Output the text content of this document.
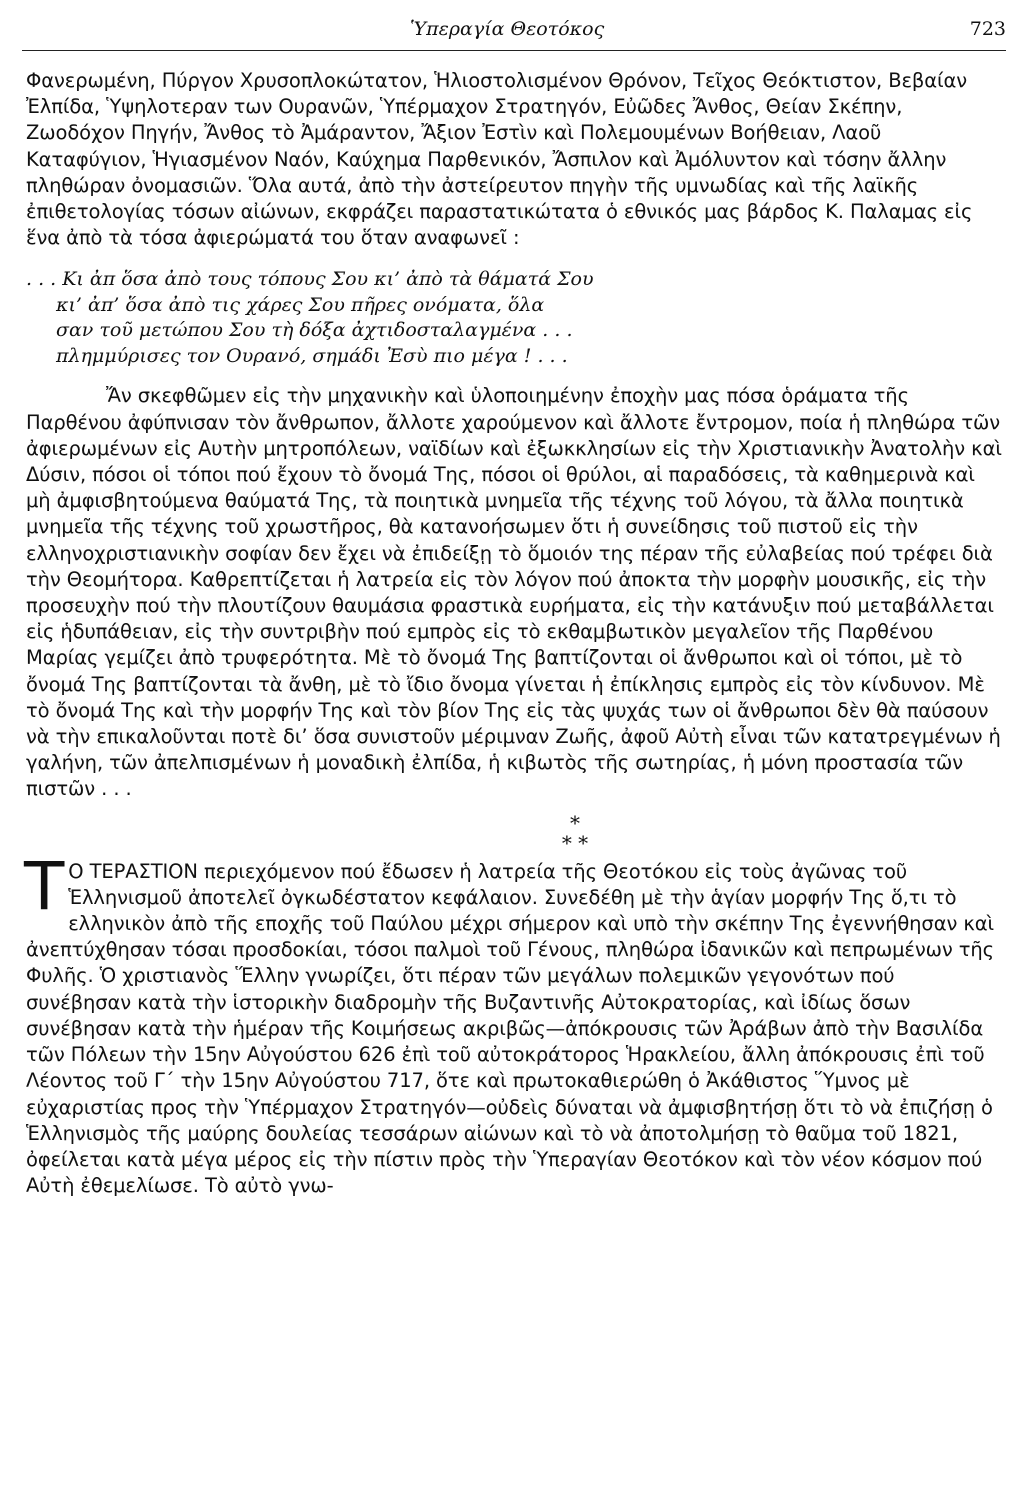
Ὑπεραγία Θεοτόκος	723

Φανερωμένη, Πύργον Χρυσοπλοκώτατον, Ἡλιοστολισμένον Θρόνον, Τεῖχος Θεόκτιστον, Βεβαίαν Ἐλπίδα, Ὑψηλοτεραν των Ουρανῶν, Ὑπέρμαχον Στρατηγόν, Εὐῶδες Ἄνθος, Θείαν Σκέπην, Ζωοδόχον Πηγήν, Ἄνθος τὸ Ἀμάραντον, Ἄξιον Ἐστὶν καὶ Πολεμουμένων Βοήθειαν, Λαοῦ Καταφύγιον, Ἡγιασμένον Ναόν, Καύχημα Παρθενικόν, Ἄσπιλον καὶ Ἀμόλυντον καὶ τόσην ἄλλην πληθώραν ὀνομασιῶν. Ὅλα αυτά, ἀπὸ τὴν ἀστείρευτον πηγὴν τῆς υμνωδίας καὶ τῆς λαϊκῆς ἐπιθετολογίας τόσων αἰώνων, εκφράζει παραστατικώτατα ὁ εθνικός μας βάρδος Κ. Παλαμας εἰς ἕνα ἀπὸ τὰ τόσα ἀφιερώματά του ὅταν αναφωνεῖ :

. . . Κι ἀπ ὅσα ἀπὸ τους τόπους Σου κι’ ἀπὸ τὰ θάματά Σου
κι’ ἀπ’ ὅσα ἀπὸ τις χάρες Σου πῆρες ονόματα, ὅλα
σαν τοῦ μετώπου Σου τὴ δόξα ἀχτιδοσταλαγμένα . . .
πλημμύρισες τον Ουρανό, σημάδι Ἐσὺ πιο μέγα ! . . .

Ἄν σκεφθῶμεν εἰς τὴν μηχανικὴν καὶ ὑλοποιημένην ἐποχὴν μας πόσα ὁράματα τῆς Παρθένου ἀφύπνισαν τὸν ἄνθρωπον, ἄλλοτε χαρούμενον καὶ ἄλλοτε ἔντρομον, ποία ἡ πληθώρα τῶν ἀφιερωμένων εἰς Αυτὴν μητροπόλεων, ναϊδίων καὶ ἐξωκκλησίων εἰς τὴν Χριστιανικὴν Ἀνατολὴν καὶ Δύσιν, πόσοι οἱ τόποι πού ἔχουν τὸ ὄνομά Της, πόσοι οἱ θρύλοι, αἱ παραδόσεις, τὰ καθημερινὰ καὶ μὴ ἀμφισβητούμενα θαύματά Της, τὰ ποιητικὰ μνημεῖα τῆς τέχνης τοῦ λόγου, τὰ ἄλλα ποιητικὰ μνημεῖα τῆς τέχνης τοῦ χρωστῆρος, θὰ κατανοήσωμεν ὅτι ἡ συνείδησις τοῦ πιστοῦ εἰς τὴν ελληνοχριστιανικὴν σοφίαν δεν ἔχει νὰ ἐπιδείξῃ τὸ ὅμοιόν της πέραν τῆς εὐλαβείας πού τρέφει διὰ τὴν Θεομήτορα. Καθρεπτίζεται ἡ λατρεία εἰς τὸν λόγον πού ἀποκτα τὴν μορφὴν μουσικῆς, εἰς τὴν προσευχὴν πού τὴν πλουτίζουν θαυμάσια φραστικὰ ευρήματα, εἰς τὴν κατάνυξιν πού μεταβάλλεται εἰς ἡδυπάθειαν, εἰς τὴν συντριβὴν πού εμπρὸς εἰς τὸ εκθαμβωτικὸν μεγαλεῖον τῆς Παρθένου Μαρίας γεμίζει ἀπὸ τρυφερότητα. Μὲ τὸ ὄνομά Της βαπτίζονται οἱ ἄνθρωποι καὶ οἱ τόποι, μὲ τὸ ὄνομά Της βαπτίζονται τὰ ἄνθη, μὲ τὸ ἴδιο ὄνομα γίνεται ἡ ἐπίκλησις εμπρὸς εἰς τὸν κίνδυνον. Μὲ τὸ ὄνομά Της καὶ τὴν μορφήν Της καὶ τὸν βίον Της εἰς τὰς ψυχάς των οἱ ἄνθρωποι δὲν θὰ παύσουν νὰ τὴν επικαλοῦνται ποτὲ δι’ ὅσα συνιστοῦν μέριμναν Ζωῆς, ἀφοῦ Αὐτὴ εἶναι τῶν κατατρεγμένων ἡ γαλήνη, τῶν ἀπελπισμένων ἡ μοναδικὴ ἐλπίδα, ἡ κιβωτὸς τῆς σωτηρίας, ἡ μόνη προστασία τῶν πιστῶν . . .

*
* *

Τ Ο ΤΕΡΑΣΤΙΟΝ περιεχόμενον πού ἔδωσεν ἡ λατρεία τῆς Θεοτόκου εἰς τοὺς ἀγῶνας τοῦ Ἑλληνισμοῦ ἀποτελεῖ ὀγκωδέστατον κεφάλαιον. Συνεδέθη μὲ τὴν ἁγίαν μορφήν Της ὅ,τι τὸ ελληνικὸν ἀπὸ τῆς εποχῆς τοῦ Παύλου μέχρι σήμερον καὶ υπὸ τὴν σκέπην Της ἐγεννήθησαν καὶ ἀνεπτύχθησαν τόσαι προσδοκίαι, τόσοι παλμοὶ τοῦ Γένους, πληθώρα ἰδανικῶν καὶ πεπρωμένων τῆς Φυλῆς. Ὁ χριστιανὸς Ἕλλην γνωρίζει, ὅτι πέραν τῶν μεγάλων πολεμικῶν γεγονότων πού συνέβησαν κατὰ τὴν ἱστορικὴν διαδρομὴν τῆς Βυζαντινῆς Αὐτοκρατορίας, καὶ ἰδίως ὅσων συνέβησαν κατὰ τὴν ἡμέραν τῆς Κοιμήσεως ακριβῶς—ἀπόκρουσις τῶν Ἀράβων ἀπὸ τὴν Βασιλίδα τῶν Πόλεων τὴν 15ην Αὐγούστου 626 ἐπὶ τοῦ αὐτοκράτορος Ἡρακλείου, ἄλλη ἀπόκρουσις ἐπὶ τοῦ Λέοντος τοῦ Γ΄ τὴν 15ην Αὐγούστου 717, ὅτε καὶ πρωτοκαθιερώθη ὁ Ἀκάθιστος Ὕμνος μὲ εὐχαριστίας προς τὴν Ὑπέρμαχον Στρατηγόν—οὐδεὶς δύναται νὰ ἀμφισβητήσῃ ὅτι τὸ νὰ ἐπιζήσῃ ὁ Ἑλληνισμὸς τῆς μαύρης δουλείας τεσσάρων αἰώνων καὶ τὸ νὰ ἀποτολμήσῃ τὸ θαῦμα τοῦ 1821, ὀφείλεται κατὰ μέγα μέρος εἰς τὴν πίστιν πρὸς τὴν Ὑπεραγίαν Θεοτόκον καὶ τὸν νέον κόσμον πού Αὐτὴ ἐθεμελίωσε. Τὸ αὐτὸ γνω-
